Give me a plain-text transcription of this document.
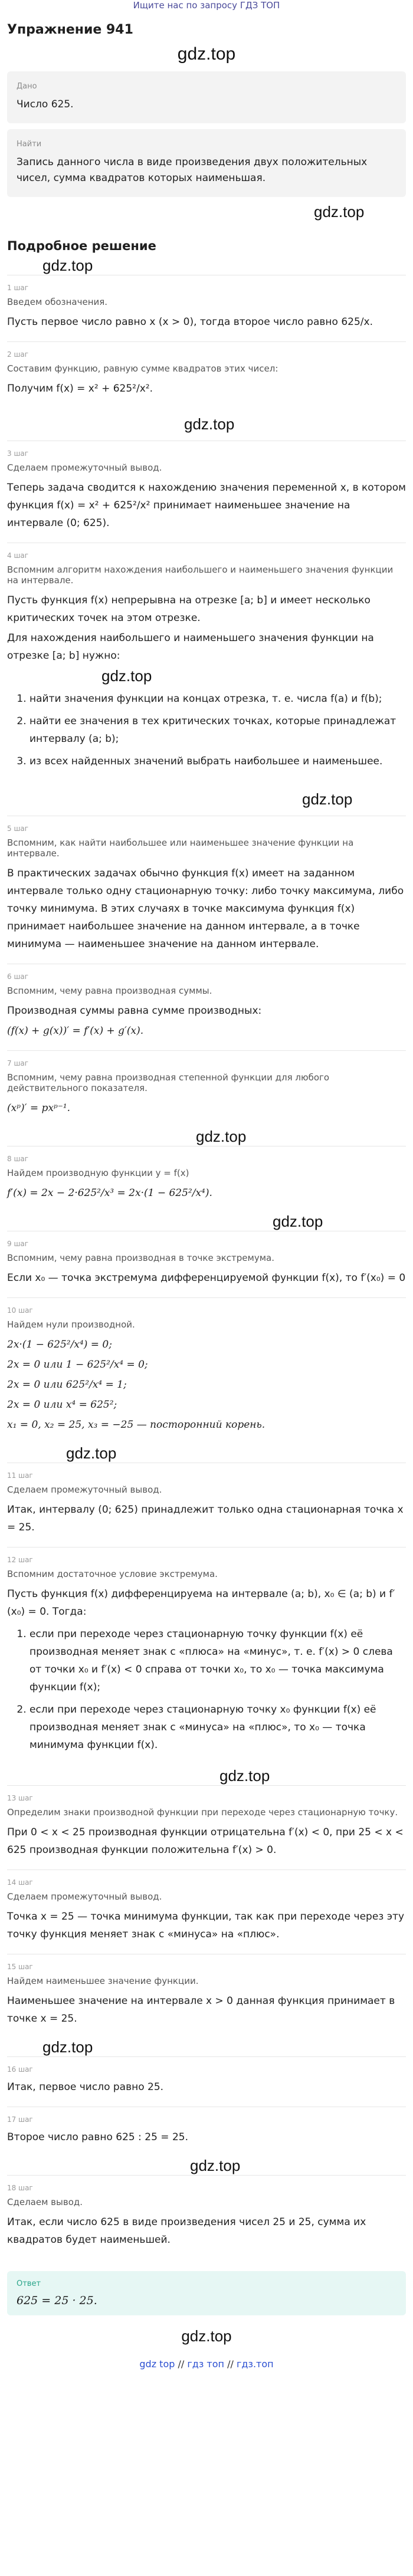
Ищите нас по запросу ГДЗ ТОП
Упражнение 941
gdz.top
Дано
Число 625.
Найти
Запись данного числа в виде произведения двух положительных чисел, сумма квадратов которых наименьшая.
gdz.top
Подробное решение
gdz.top
1 шаг
Введем обозначения.
Пусть первое число равно x (x > 0), тогда второе число равно 625/x.
2 шаг
Составим функцию, равную сумме квадратов этих чисел:
Получим f(x) = x² + 625²/x².
gdz.top
3 шаг
Сделаем промежуточный вывод.
Теперь задача сводится к нахождению значения переменной x, в котором функция f(x) = x² + 625²/x² принимает наименьшее значение на интервале (0; 625).
4 шаг
Вспомним алгоритм нахождения наибольшего и наименьшего значения функции на интервале.
Пусть функция f(x) непрерывна на отрезке [a; b] и имеет несколько критических точек на этом отрезке.
Для нахождения наибольшего и наименьшего значения функции на отрезке [a; b] нужно:
gdz.top
1. найти значения функции на концах отрезка, т. е. числа f(a) и f(b);
2. найти ее значения в тех критических точках, которые принадлежат интервалу (a; b);
3. из всех найденных значений выбрать наибольшее и наименьшее.
gdz.top
5 шаг
Вспомним, как найти наибольшее или наименьшее значение функции на интервале.
В практических задачах обычно функция f(x) имеет на заданном интервале только одну стационарную точку: либо точку максимума, либо точку минимума. В этих случаях в точке максимума функция f(x) принимает наибольшее значение на данном интервале, а в точке минимума — наименьшее значение на данном интервале.
6 шаг
Вспомним, чему равна производная суммы.
Производная суммы равна сумме производных:
(f(x) + g(x))′ = f′(x) + g′(x).
7 шаг
Вспомним, чему равна производная степенной функции для любого действительного показателя.
(xᵖ)′ = pxᵖ⁻¹.
gdz.top
8 шаг
Найдем производную функции y = f(x)
f′(x) = 2x − 2·625²/x³ = 2x·(1 − 625²/x⁴).
gdz.top
9 шаг
Вспомним, чему равна производная в точке экстремума.
Если x₀ — точка экстремума дифференцируемой функции f(x), то f′(x₀) = 0
10 шаг
Найдем нули производной.
2x·(1 − 625²/x⁴) = 0;
2x = 0 или 1 − 625²/x⁴ = 0;
2x = 0 или 625²/x⁴ = 1;
2x = 0 или x⁴ = 625²;
x₁ = 0, x₂ = 25, x₃ = −25 — посторонний корень.
gdz.top
11 шаг
Сделаем промежуточный вывод.
Итак, интервалу (0; 625) принадлежит только одна стационарная точка x = 25.
12 шаг
Вспомним достаточное условие экстремума.
Пусть функция f(x) дифференцируема на интервале (a; b), x₀ ∈ (a; b) и f′(x₀) = 0. Тогда:
1. если при переходе через стационарную точку функции f(x) её производная меняет знак с «плюса» на «минус», т. е. f′(x) > 0 слева от точки x₀ и f′(x) < 0 справа от точки x₀, то x₀ — точка максимума функции f(x);
2. если при переходе через стационарную точку x₀ функции f(x) её производная меняет знак с «минуса» на «плюс», то x₀ — точка минимума функции f(x).
gdz.top
13 шаг
Определим знаки производной функции при переходе через стационарную точку.
При 0 < x < 25 производная функции отрицательна f′(x) < 0, при 25 < x < 625 производная функции положительна f′(x) > 0.
14 шаг
Сделаем промежуточный вывод.
Точка x = 25 — точка минимума функции, так как при переходе через эту точку функция меняет знак с «минуса» на «плюс».
15 шаг
Найдем наименьшее значение функции.
Наименьшее значение на интервале x > 0 данная функция принимает в точке x = 25.
gdz.top
16 шаг
Итак, первое число равно 25.
17 шаг
Второе число равно 625 : 25 = 25.
gdz.top
18 шаг
Сделаем вывод.
Итак, если число 625 в виде произведения чисел 25 и 25, сумма их квадратов будет наименьшей.
Ответ
625 = 25 · 25.
gdz.top
gdz top // гдз топ // гдз.топ
